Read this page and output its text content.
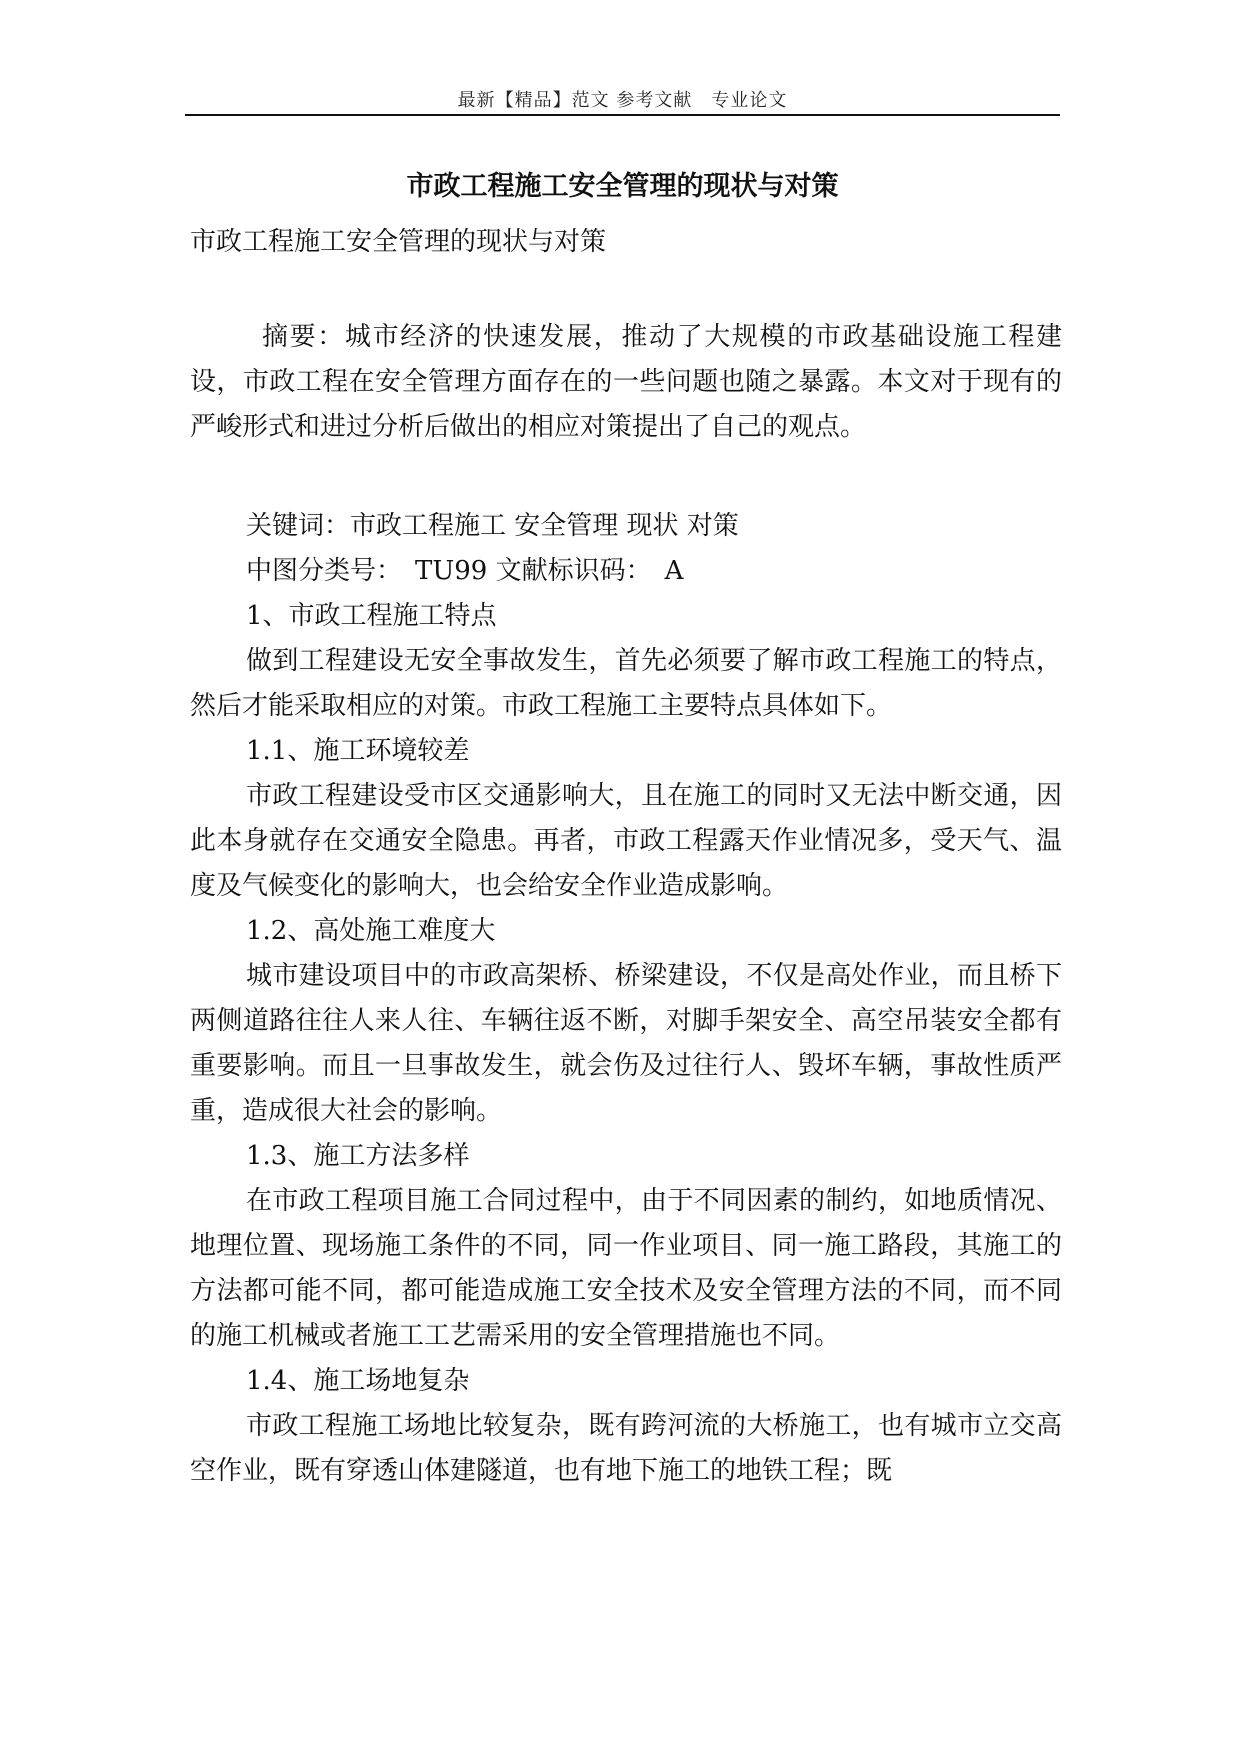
最新【精品】范文 参考文献　专业论文
市政工程施工安全管理的现状与对策

市政工程施工安全管理的现状与对策

摘要：城市经济的快速发展，推动了大规模的市政基础设施工程建设，市政工程在安全管理方面存在的一些问题也随之暴露。本文对于现有的严峻形式和进过分析后做出的相应对策提出了自己的观点。

关键词：市政工程施工 安全管理 现状 对策

中图分类号：　TU99 文献标识码：　A

1、市政工程施工特点

做到工程建设无安全事故发生，首先必须要了解市政工程施工的特点，然后才能采取相应的对策。市政工程施工主要特点具体如下。

1.1、施工环境较差

市政工程建设受市区交通影响大，且在施工的同时又无法中断交通，因此本身就存在交通安全隐患。再者，市政工程露天作业情况多，受天气、温度及气候变化的影响大，也会给安全作业造成影响。

1.2、高处施工难度大

城市建设项目中的市政高架桥、桥梁建设，不仅是高处作业，而且桥下两侧道路往往人来人往、车辆往返不断，对脚手架安全、高空吊装安全都有重要影响。而且一旦事故发生，就会伤及过往行人、毁坏车辆，事故性质严重，造成很大社会的影响。

1.3、施工方法多样

在市政工程项目施工合同过程中，由于不同因素的制约，如地质情况、地理位置、现场施工条件的不同，同一作业项目、同一施工路段，其施工的方法都可能不同，都可能造成施工安全技术及安全管理方法的不同，而不同的施工机械或者施工工艺需采用的安全管理措施也不同。

1.4、施工场地复杂

市政工程施工场地比较复杂，既有跨河流的大桥施工，也有城市立交高空作业，既有穿透山体建隧道，也有地下施工的地铁工程；既
